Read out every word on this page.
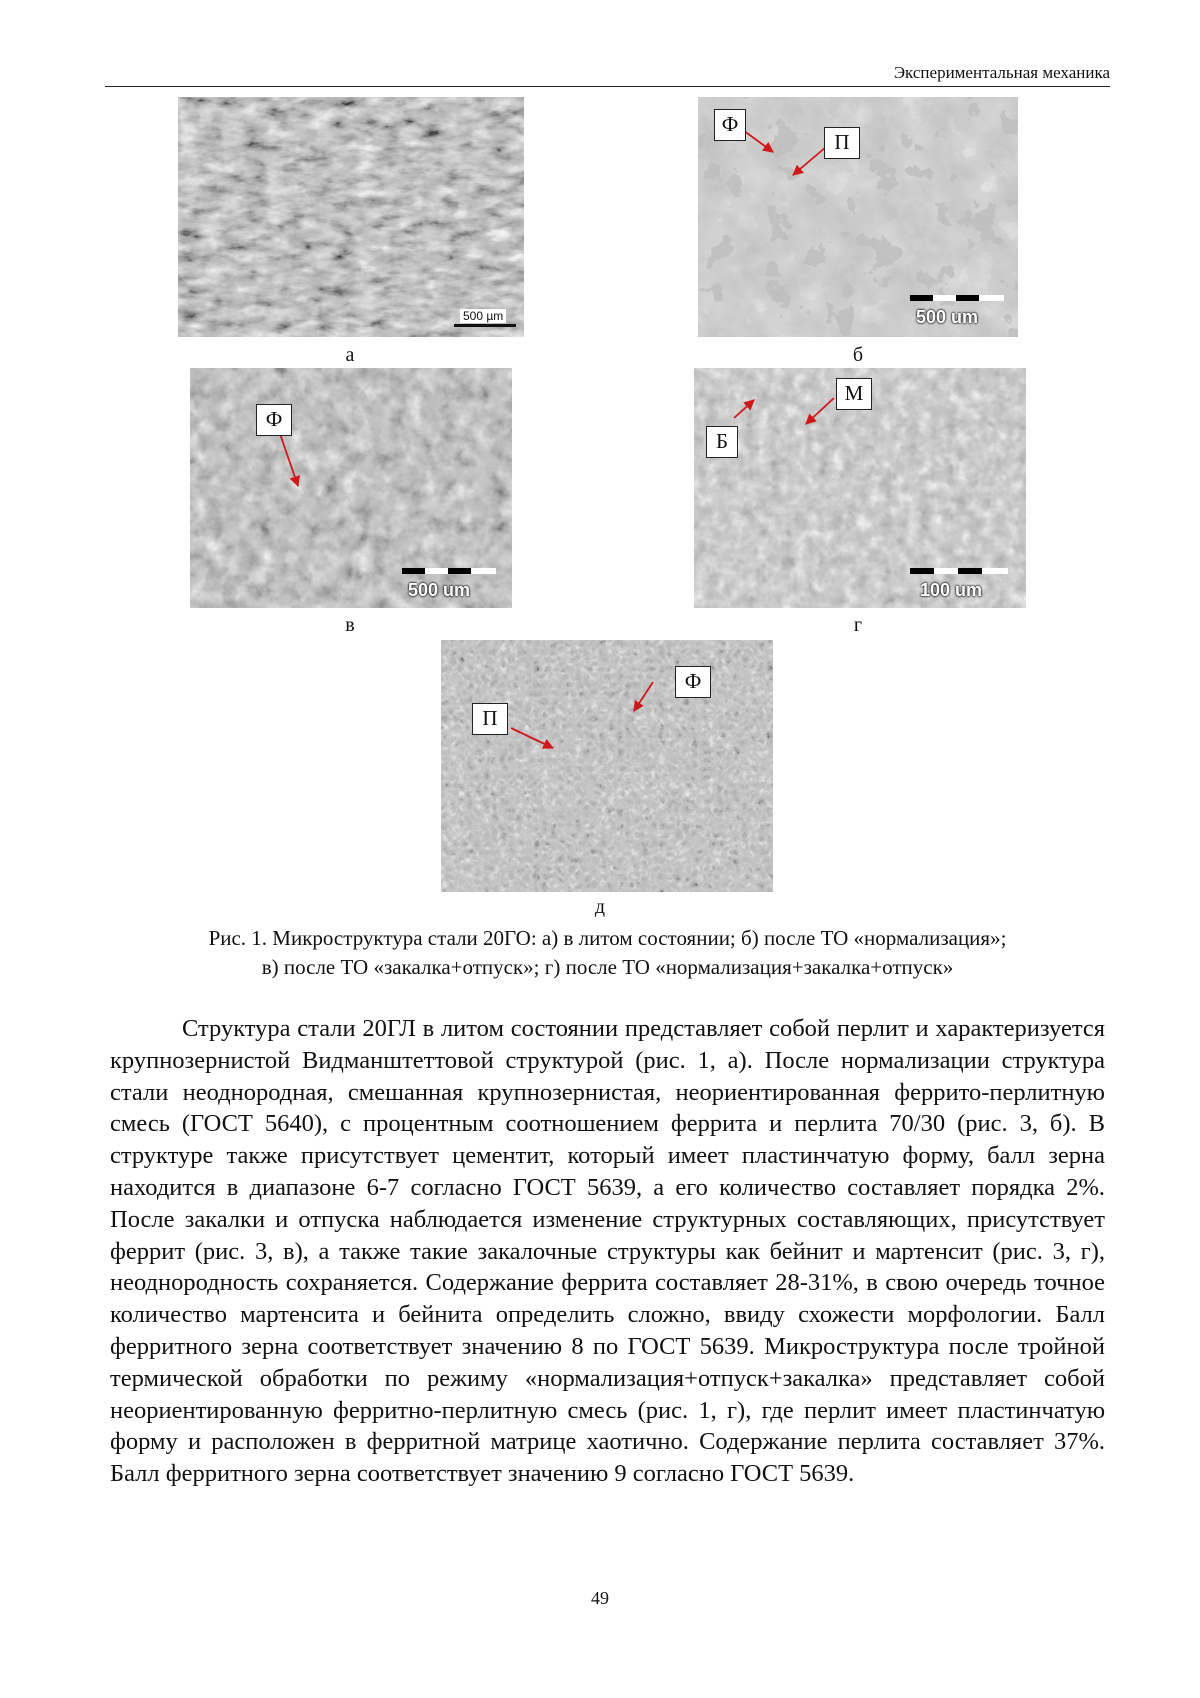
Экспериментальная механика
500 µm
а
Ф
П
500 um
б
Ф
500 um
в
Б
М
100 um
г
Ф
П
д
Рис. 1. Микроструктура стали 20ГО: а) в литом состоянии; б) после ТО «нормализация»;
в) после ТО «закалка+отпуск»; г) после ТО «нормализация+закалка+отпуск»

Структура стали 20ГЛ в литом состоянии представляет собой перлит и характеризуется крупнозернистой Видманштеттовой структурой (рис. 1, а). После нормализации структура стали неоднородная, смешанная крупнозернистая, неориентированная феррито-перлитную смесь (ГОСТ 5640), с процентным соотношением феррита и перлита 70/30 (рис. 3, б). В структуре также присутствует цементит, который имеет пластинчатую форму, балл зерна находится в диапазоне 6-7 согласно ГОСТ 5639, а его количество составляет порядка 2%. После закалки и отпуска наблюдается изменение структурных составляющих, присутствует феррит (рис. 3, в), а также такие закалочные структуры как бейнит и мартенсит (рис. 3, г), неоднородность сохраняется. Содержание феррита составляет 28-31%, в свою очередь точное количество мартенсита и бейнита определить сложно, ввиду схожести морфологии. Балл ферритного зерна соответствует значению 8 по ГОСТ 5639. Микроструктура после тройной термической обработки по режиму «нормализация+отпуск+закалка» представляет собой неориентированную ферритно-перлитную смесь (рис. 1, г), где перлит имеет пластинчатую форму и расположен в ферритной матрице хаотично. Содержание перлита составляет 37%. Балл ферритного зерна соответствует значению 9 согласно ГОСТ 5639.

49
